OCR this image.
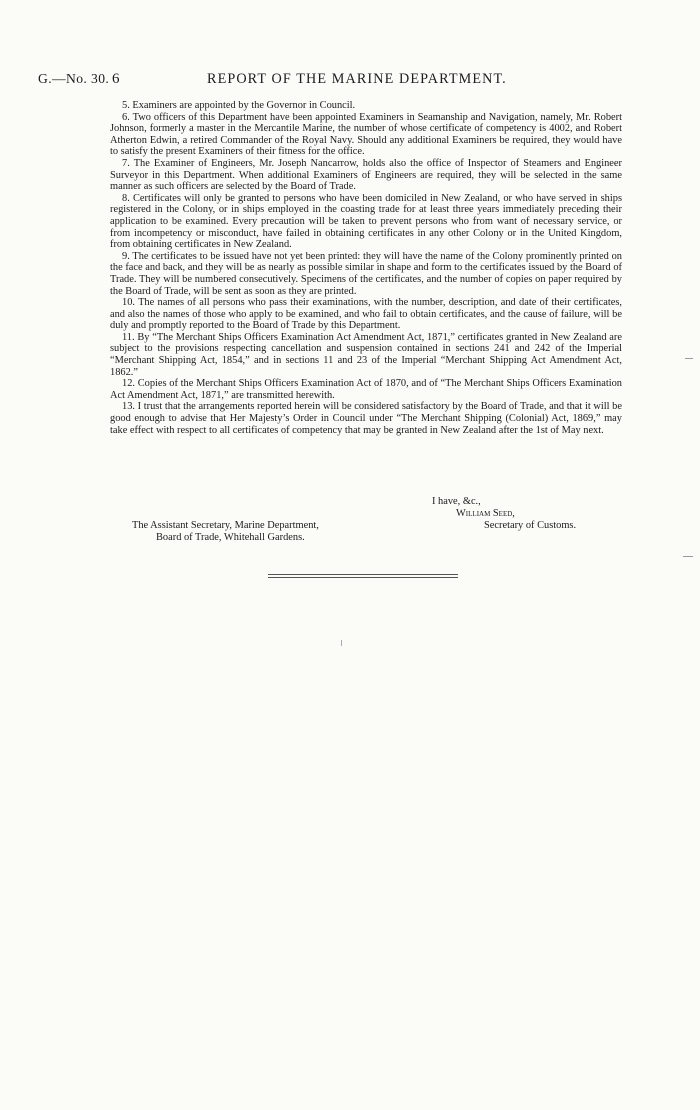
G.—No. 30. 6	REPORT OF THE MARINE DEPARTMENT.

5. Examiners are appointed by the Governor in Council.

6. Two officers of this Department have been appointed Examiners in Seamanship and Navigation, namely, Mr. Robert Johnson, formerly a master in the Mercantile Marine, the number of whose certificate of competency is 4002, and Robert Atherton Edwin, a retired Commander of the Royal Navy. Should any additional Examiners be required, they would have to satisfy the present Examiners of their fitness for the office.

7. The Examiner of Engineers, Mr. Joseph Nancarrow, holds also the office of Inspector of Steamers and Engineer Surveyor in this Department. When additional Examiners of Engineers are required, they will be selected in the same manner as such officers are selected by the Board of Trade.

8. Certificates will only be granted to persons who have been domiciled in New Zealand, or who have served in ships registered in the Colony, or in ships employed in the coasting trade for at least three years immediately preceding their application to be examined. Every precaution will be taken to prevent persons who from want of necessary service, or from incompetency or misconduct, have failed in obtaining certificates in any other Colony or in the United Kingdom, from obtaining certificates in New Zealand.

9. The certificates to be issued have not yet been printed: they will have the name of the Colony prominently printed on the face and back, and they will be as nearly as possible similar in shape and form to the certificates issued by the Board of Trade. They will be numbered consecutively. Specimens of the certificates, and the number of copies on paper required by the Board of Trade, will be sent as soon as they are printed.

10. The names of all persons who pass their examinations, with the number, description, and date of their certificates, and also the names of those who apply to be examined, and who fail to obtain certificates, and the cause of failure, will be duly and promptly reported to the Board of Trade by this Department.

11. By “The Merchant Ships Officers Examination Act Amendment Act, 1871,” certificates granted in New Zealand are subject to the provisions respecting cancellation and suspension contained in sections 241 and 242 of the Imperial “Merchant Shipping Act, 1854,” and in sections 11 and 23 of the Imperial “Merchant Shipping Act Amendment Act, 1862.”

12. Copies of the Merchant Ships Officers Examination Act of 1870, and of “The Merchant Ships Officers Examination Act Amendment Act, 1871,” are transmitted herewith.

13. I trust that the arrangements reported herein will be considered satisfactory by the Board of Trade, and that it will be good enough to advise that Her Majesty’s Order in Council under “The Merchant Shipping (Colonial) Act, 1869,” may take effect with respect to all certificates of competency that may be granted in New Zealand after the 1st of May next.

I have, &c.,
William Seed,
Secretary of Customs.
The Assistant Secretary, Marine Department,
Board of Trade, Whitehall Gardens.
